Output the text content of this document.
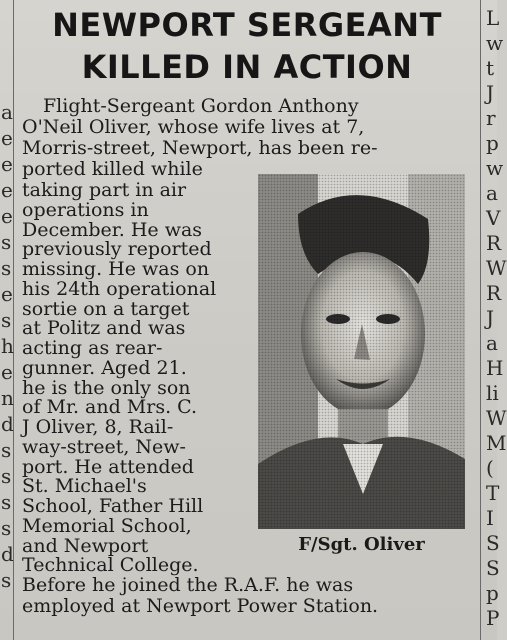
a
e
e
e
e
s
s
e
s
h
e
n
d
s
s
s
s
d
s
L
w
t
J
r
p
w
a
V
R
W
R
J
a
H
li
W
M
(
T
I
S
S
p
P
NEWPORT SERGEANT
KILLED IN ACTION
Flight-Sergeant Gordon Anthony
O'Neil Oliver, whose wife lives at 7,
Morris-street, Newport, has been re-
ported killed while
taking part in air
operations in
December. He was
previously reported
missing. He was on
his 24th operational
sortie on a target
at Politz and was
acting as rear-
gunner. Aged 21.
he is the only son
of Mr. and Mrs. C.
J Oliver, 8, Rail-
way-street, New-
port. He attended
St. Michael's
School, Father Hill
Memorial School,
and Newport
Technical College.
Before he joined the R.A.F. he was
employed at Newport Power Station.
F/Sgt. Oliver
